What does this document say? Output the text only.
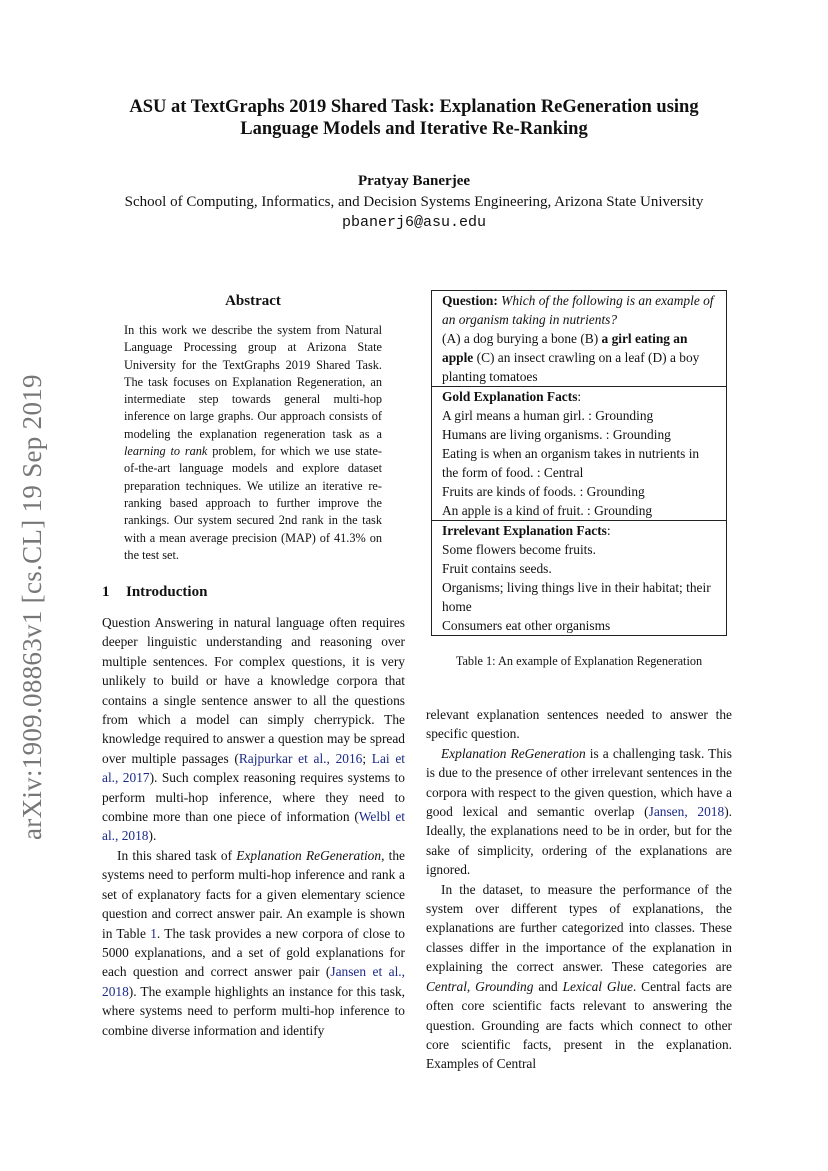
ASU at TextGraphs 2019 Shared Task: Explanation ReGeneration using
Language Models and Iterative Re-Ranking
Pratyay Banerjee
School of Computing, Informatics, and Decision Systems Engineering, Arizona State University
pbanerj6@asu.edu
arXiv:1909.08863v1 [cs.CL] 19 Sep 2019
Abstract
In this work we describe the system from Natural Language Processing group at Arizona State University for the TextGraphs 2019 Shared Task. The task focuses on Explanation Regeneration, an intermediate step towards general multi-hop inference on large graphs. Our approach consists of modeling the explanation regeneration task as a learning to rank problem, for which we use state-of-the-art language models and explore dataset preparation techniques. We utilize an iterative re-ranking based approach to further improve the rankings. Our system secured 2nd rank in the task with a mean average precision (MAP) of 41.3% on the test set.
1 Introduction

Question Answering in natural language often requires deeper linguistic understanding and reasoning over multiple sentences. For complex questions, it is very unlikely to build or have a knowledge corpora that contains a single sentence answer to all the questions from which a model can simply cherrypick. The knowledge required to answer a question may be spread over multiple passages (Rajpurkar et al., 2016; Lai et al., 2017). Such complex reasoning requires systems to perform multi-hop inference, where they need to combine more than one piece of information (Welbl et al., 2018).

In this shared task of Explanation ReGeneration, the systems need to perform multi-hop inference and rank a set of explanatory facts for a given elementary science question and correct answer pair. An example is shown in Table 1. The task provides a new corpora of close to 5000 explanations, and a set of gold explanations for each question and correct answer pair (Jansen et al., 2018). The example highlights an instance for this task, where systems need to perform multi-hop inference to combine diverse information and identify

Question: Which of the following is an example of an organism taking in nutrients?
(A) a dog burying a bone (B) a girl eating an apple (C) an insect crawling on a leaf (D) a boy planting tomatoes
Gold Explanation Facts:
A girl means a human girl. : Grounding
Humans are living organisms. : Grounding
Eating is when an organism takes in nutrients in the form of food. : Central
Fruits are kinds of foods. : Grounding
An apple is a kind of fruit. : Grounding
Irrelevant Explanation Facts:
Some flowers become fruits.
Fruit contains seeds.
Organisms; living things live in their habitat; their home
Consumers eat other organisms
Table 1: An example of Explanation Regeneration

relevant explanation sentences needed to answer the specific question.

Explanation ReGeneration is a challenging task. This is due to the presence of other irrelevant sentences in the corpora with respect to the given question, which have a good lexical and semantic overlap (Jansen, 2018). Ideally, the explanations need to be in order, but for the sake of simplicity, ordering of the explanations are ignored.

In the dataset, to measure the performance of the system over different types of explanations, the explanations are further categorized into classes. These classes differ in the importance of the explanation in explaining the correct answer. These categories are Central, Grounding and Lexical Glue. Central facts are often core scientific facts relevant to answering the question. Grounding are facts which connect to other core scientific facts, present in the explanation. Examples of Central
